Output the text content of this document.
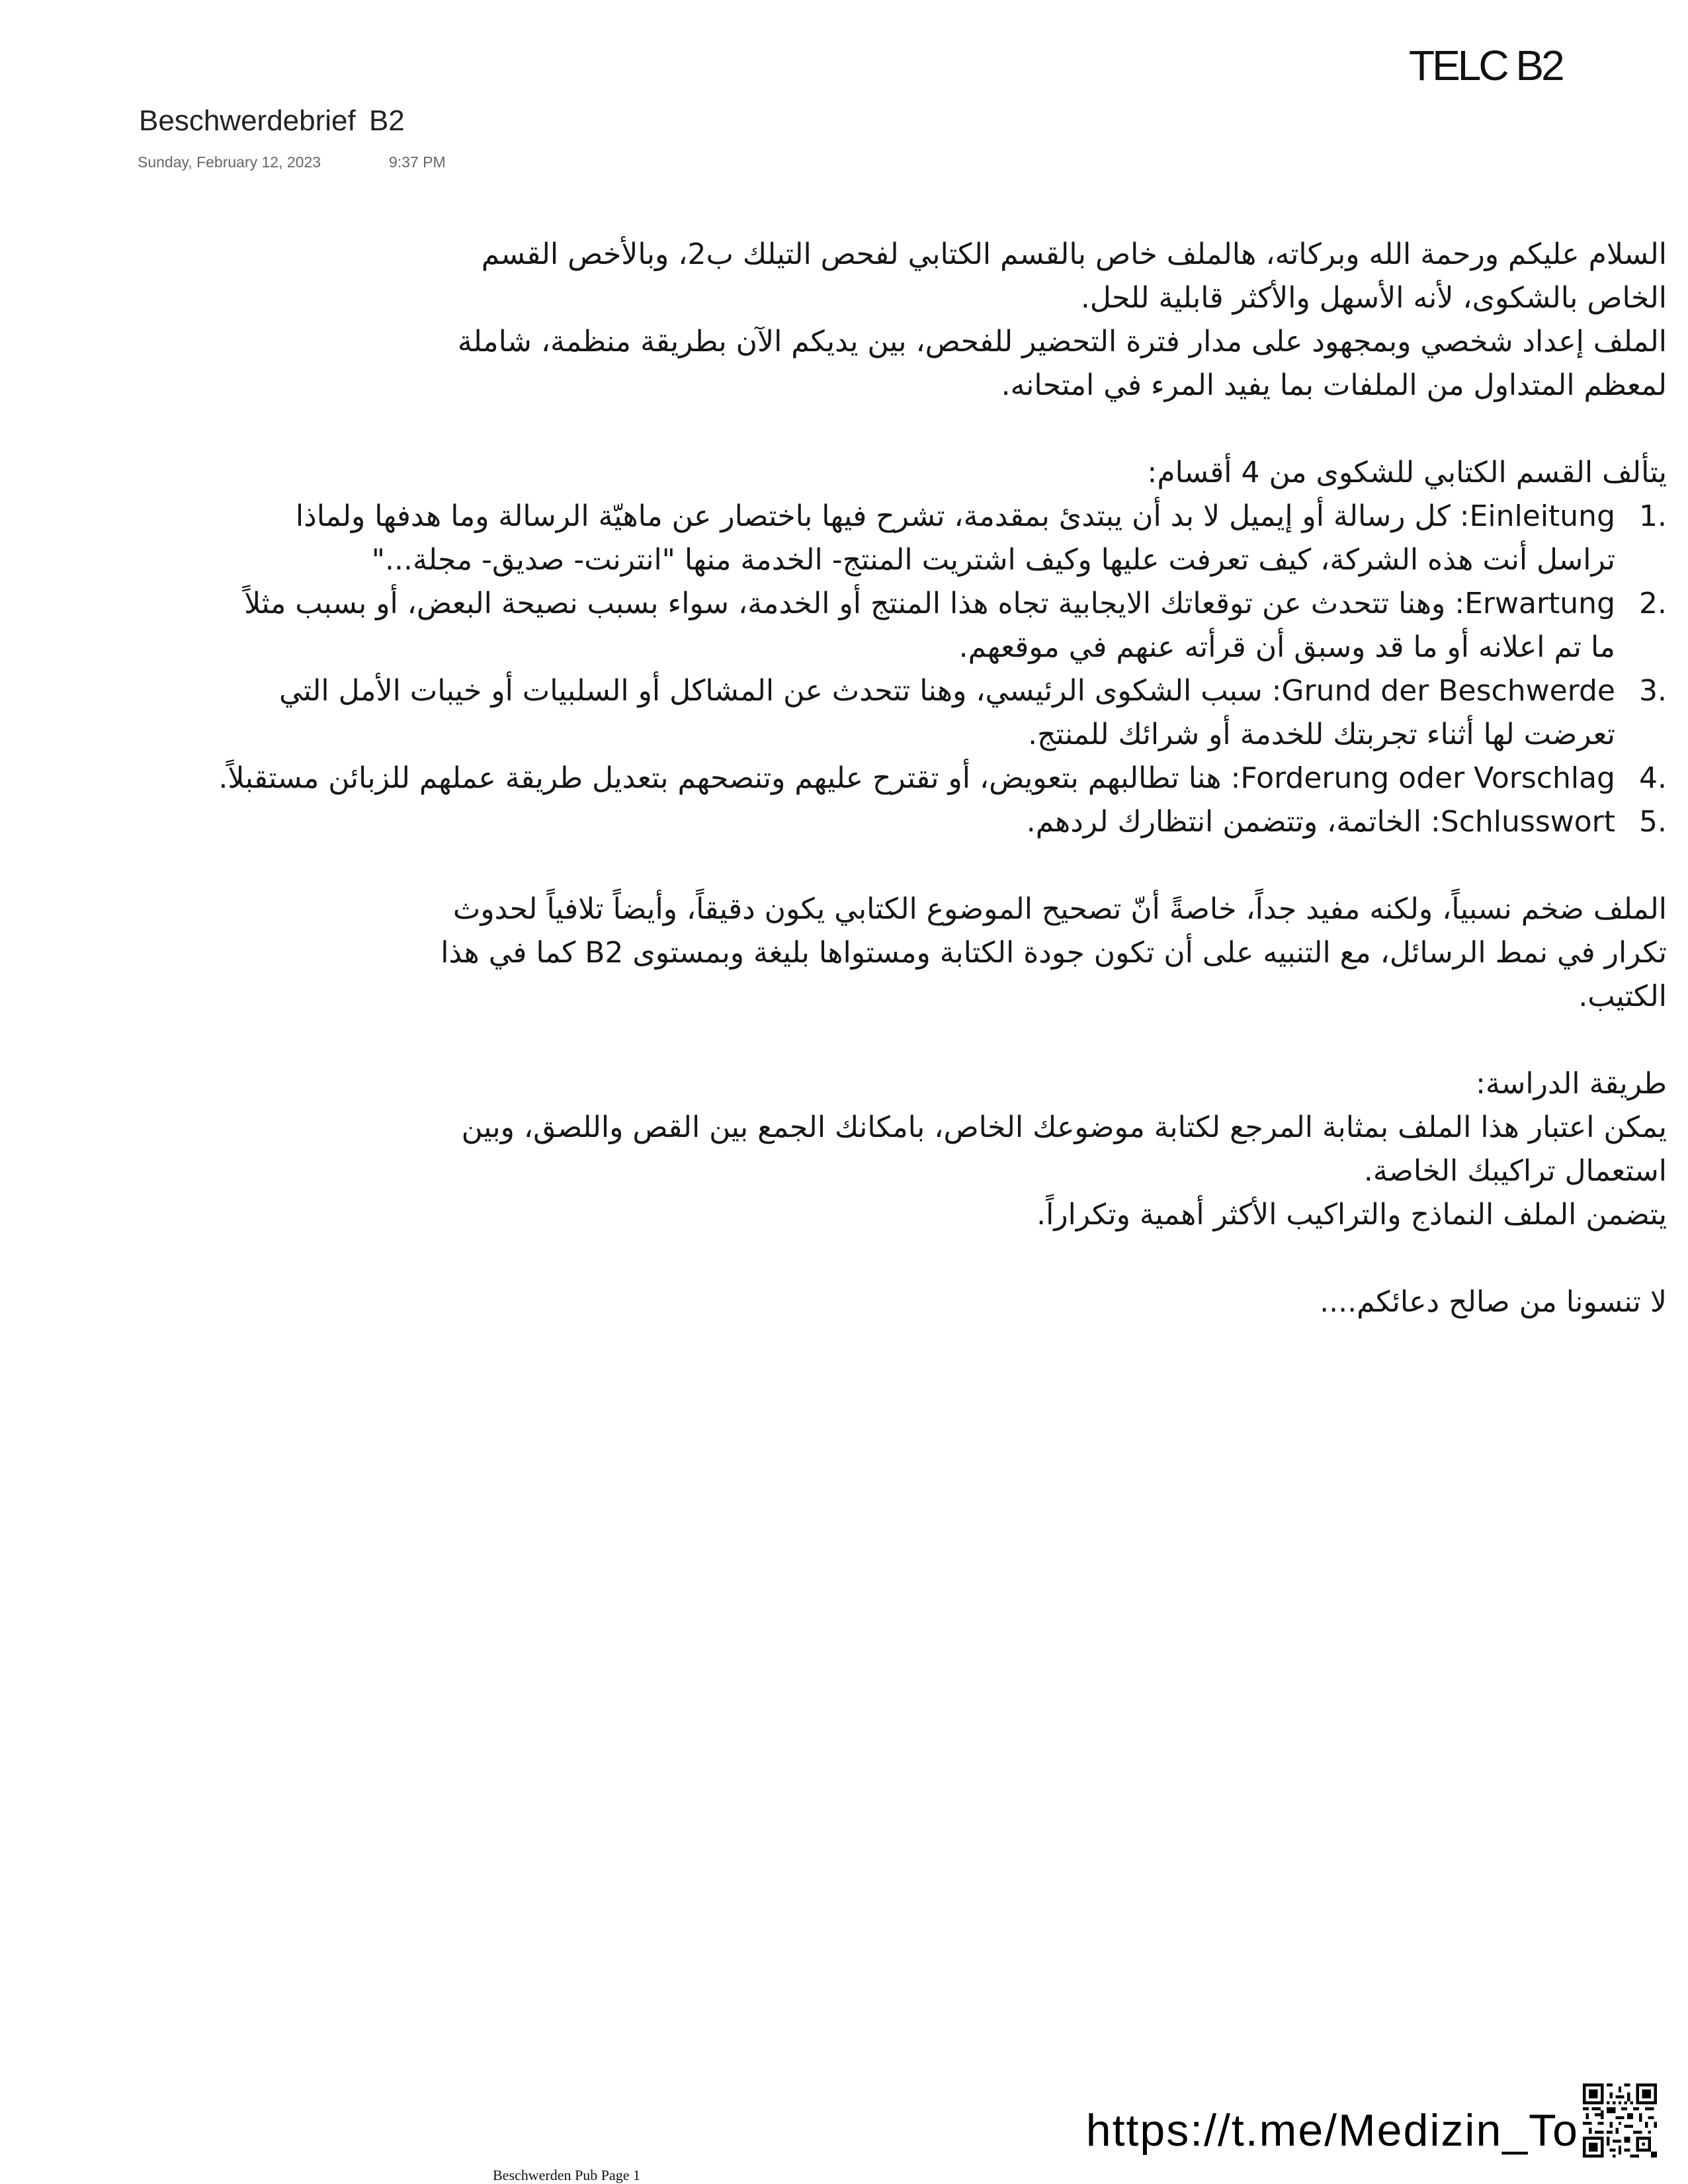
TELC B2
Beschwerdebrief B2
Sunday, February 12, 2023	9:37 PM

السلام عليكم ورحمة الله وبركاته، هالملف خاص بالقسم الكتابي لفحص التيلك ب2، وبالأخص القسم

الخاص بالشكوى، لأنه الأسهل والأكثر قابلية للحل.

الملف إعداد شخصي وبمجهود على مدار فترة التحضير للفحص، بين يديكم الآن بطريقة منظمة، شاملة

لمعظم المتداول من الملفات بما يفيد المرء في امتحانه.

يتألف القسم الكتابي للشكوى من 4 أقسام:

1.
Einleitung: كل رسالة أو إيميل لا بد أن يبتدئ بمقدمة، تشرح فيها باختصار عن ماهيّة الرسالة وما هدفها ولماذا تراسل أنت هذه الشركة، كيف تعرفت عليها وكيف اشتريت المنتج- الخدمة منها "انترنت- صديق- مجلة..."
2.
Erwartung: وهنا تتحدث عن توقعاتك الايجابية تجاه هذا المنتج أو الخدمة، سواء بسبب نصيحة البعض، أو بسبب مثلاً ما تم اعلانه أو ما قد وسبق أن قرأته عنهم في موقعهم.
3.
Grund der Beschwerde: سبب الشكوى الرئيسي، وهنا تتحدث عن المشاكل أو السلبيات أو خيبات الأمل التي تعرضت لها أثناء تجربتك للخدمة أو شرائك للمنتج.
4.
Forderung oder Vorschlag: هنا تطالبهم بتعويض، أو تقترح عليهم وتنصحهم بتعديل طريقة عملهم للزبائن مستقبلاً.
5.
Schlusswort: الخاتمة، وتتضمن انتظارك لردهم.

الملف ضخم نسبياً، ولكنه مفيد جداً، خاصةً أنّ تصحيح الموضوع الكتابي يكون دقيقاً، وأيضاً تلافياً لحدوث

تكرار في نمط الرسائل، مع التنبيه على أن تكون جودة الكتابة ومستواها بليغة وبمستوى B2 كما في هذا

الكتيب.

طريقة الدراسة:

يمكن اعتبار هذا الملف بمثابة المرجع لكتابة موضوعك الخاص، بامكانك الجمع بين القص واللصق، وبين

استعمال تراكيبك الخاصة.

يتضمن الملف النماذج والتراكيب الأكثر أهمية وتكراراً.

لا تنسونا من صالح دعائكم....

https://t.me/Medizin_To
Beschwerden Pub Page 1
